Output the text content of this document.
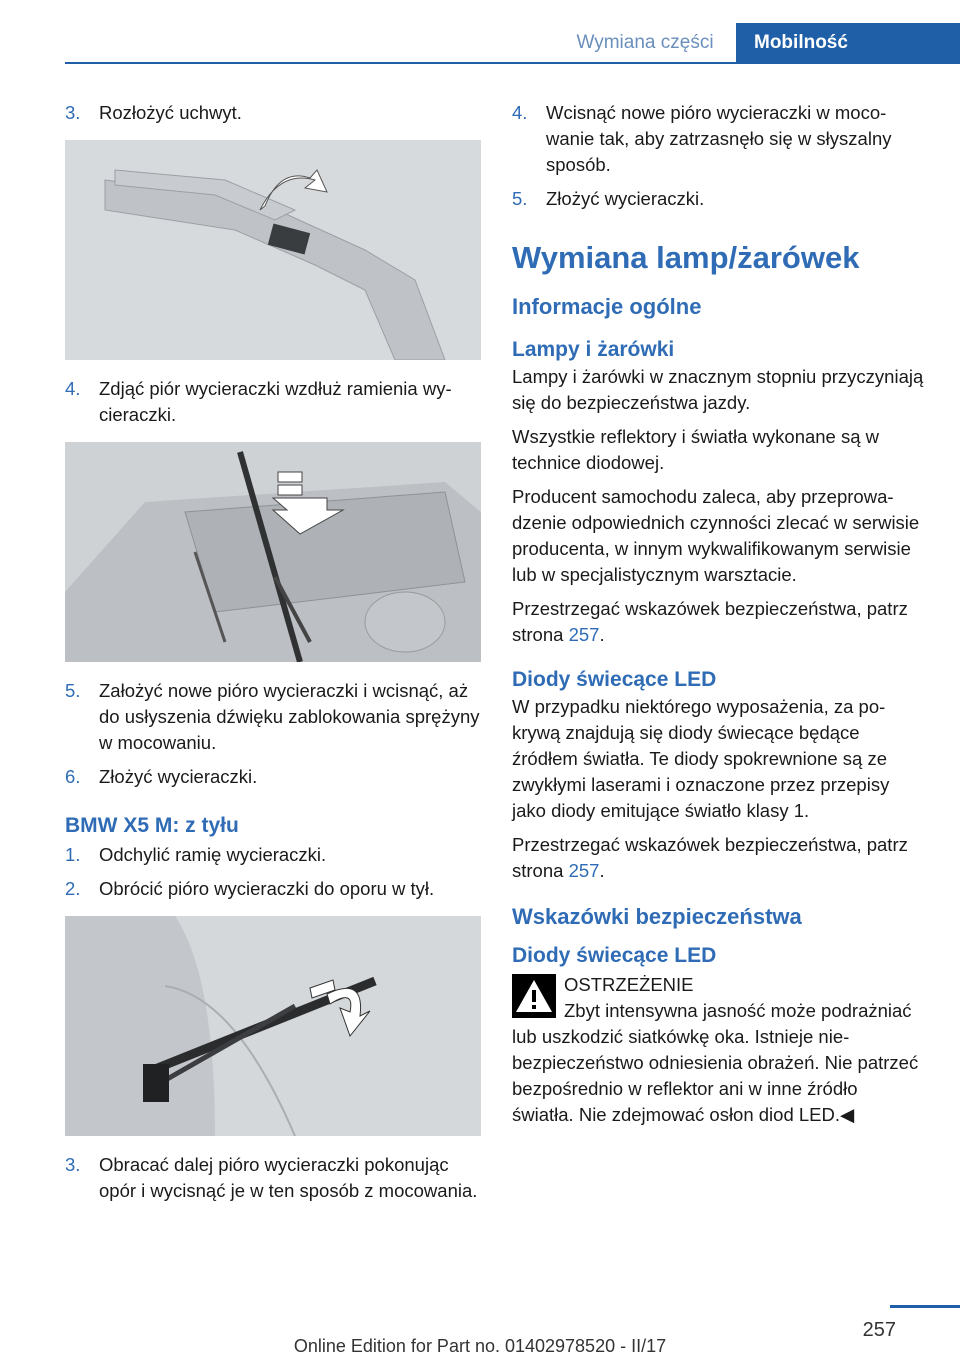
Wymiana części	Mobilność
3.	Rozłożyć uchwyt.
4.	Zdjąć piór wycieraczki wzdłuż ramienia wycieraczki.
5.	Założyć nowe pióro wycieraczki i wcisnąć, aż do usłyszenia dźwięku zablokowania sprężyny w mocowaniu.
6.	Złożyć wycieraczki.
BMW X5 M: z tyłu
1.	Odchylić ramię wycieraczki.
2.	Obrócić pióro wycieraczki do oporu w tył.
3.	Obracać dalej pióro wycieraczki pokonując opór i wycisnąć je w ten sposób z mocowania.
4.	Wcisnąć nowe pióro wycieraczki w mocowanie tak, aby zatrzasnęło się w słyszalny sposób.
5.	Złożyć wycieraczki.
Wymiana lamp/żarówek
Informacje ogólne
Lampy i żarówki

Lampy i żarówki w znacznym stopniu przyczyniają się do bezpieczeństwa jazdy.

Wszystkie reflektory i światła wykonane są w technice diodowej.

Producent samochodu zaleca, aby przeprowadzenie odpowiednich czynności zlecać w serwisie producenta, w innym wykwalifikowanym serwisie lub w specjalistycznym warsztacie.

Przestrzegać wskazówek bezpieczeństwa, patrz strona 257.

Diody świecące LED

W przypadku niektórego wyposażenia, za pokrywą znajdują się diody świecące będące źródłem światła. Te diody spokrewnione są ze zwykłymi laserami i oznaczone przez przepisy jako diody emitujące światło klasy 1.

Przestrzegać wskazówek bezpieczeństwa, patrz strona 257.

Wskazówki bezpieczeństwa
Diody świecące LED
OSTRZEŻENIE
Zbyt intensywna jasność może podrażniać lub uszkodzić siatkówkę oka. Istnieje niebezpieczeństwo odniesienia obrażeń. Nie patrzeć bezpośrednio w reflektor ani w inne źródło światła. Nie zdejmować osłon diod LED.◀
257
Online Edition for Part no. 01402978520 - II/17
